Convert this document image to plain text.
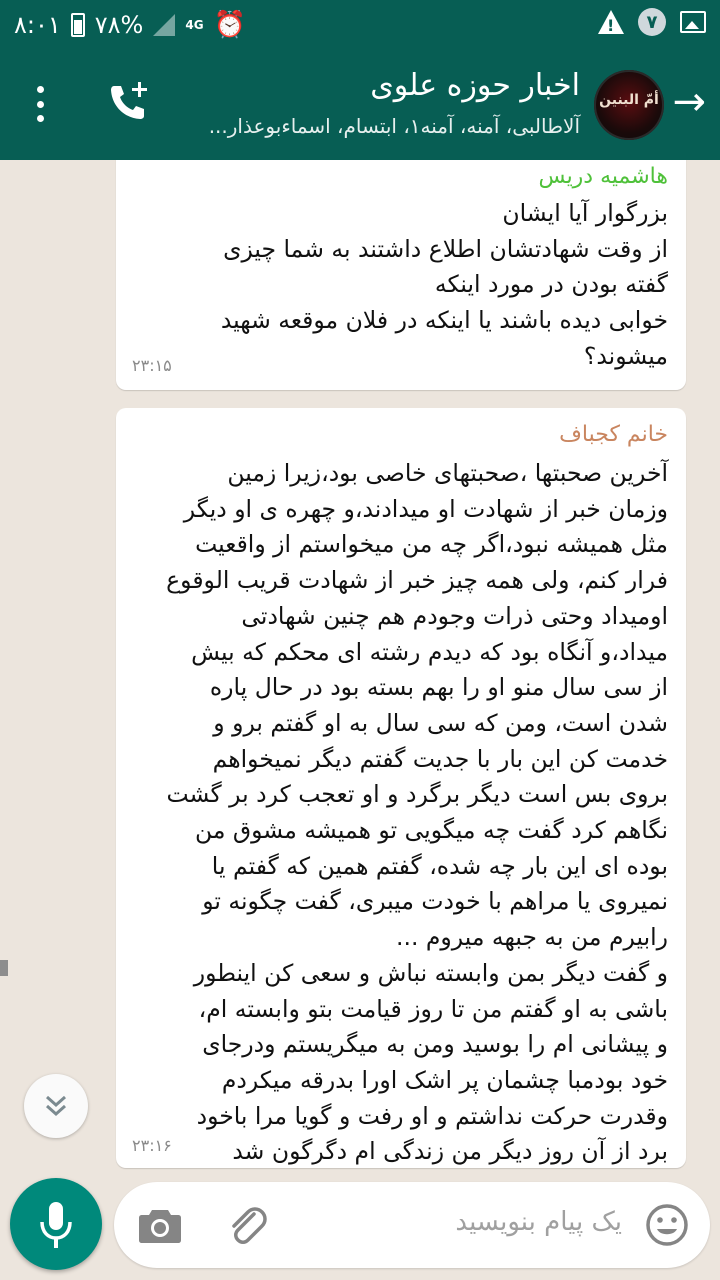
۸:۰۱ ۷۸%	4G ⏰	!	۷
→
أمّ البنين
اخبار حوزه علوی
آلاطالبی، آمنه، آمنه۱، ابتسام، اسماءبوعذار...
هاشمیه دریس
بزرگوار آیا ایشان
از وقت شهادتشان اطلاع داشتند به شما چیزی
گفته بودن در مورد اینکه
خوابی دیده باشند یا اینکه در فلان موقعه شهید
میشوند؟
۲۳:۱۵
خانم کجباف
آخرین صحبتها ،صحبتهای خاصی بود،زیرا زمین
وزمان خبر از شهادت او میدادند،و چهره ی او دیگر
مثل همیشه نبود،اگر چه من میخواستم از واقعیت
فرار کنم، ولی همه چیز خبر از شهادت قریب الوقوع
اومیداد وحتی ذرات وجودم هم چنین شهادتی
میداد،و آنگاه بود که دیدم رشته ای محکم که بیش
از سی سال منو او را بهم بسته بود در حال پاره
شدن است، ومن که سی سال به او گفتم برو و
خدمت کن این بار با جدیت گفتم دیگر نمیخواهم
بروی بس است دیگر برگرد و او تعجب کرد بر گشت
نگاهم کرد گفت چه میگویی تو همیشه مشوق من
بوده ای این بار چه شده، گفتم همین که گفتم یا
نمیروی یا مراهم با خودت میبری، گفت چگونه تو
رابیرم من به جبهه میروم ...
و گفت دیگر بمن وابسته نباش و سعی کن اینطور
باشی به او گفتم من تا روز قیامت بتو وابسته ام،
و پیشانی ام را بوسید ومن به میگریستم ودرجای
خود بودمبا چشمان پر اشک اورا بدرقه میکردم
وقدرت حرکت نداشتم و او رفت و گویا مرا باخود
برد از آن روز دیگر من زندگی ام دگرگون شد
۲۳:۱۶
یک پیام بنویسید
